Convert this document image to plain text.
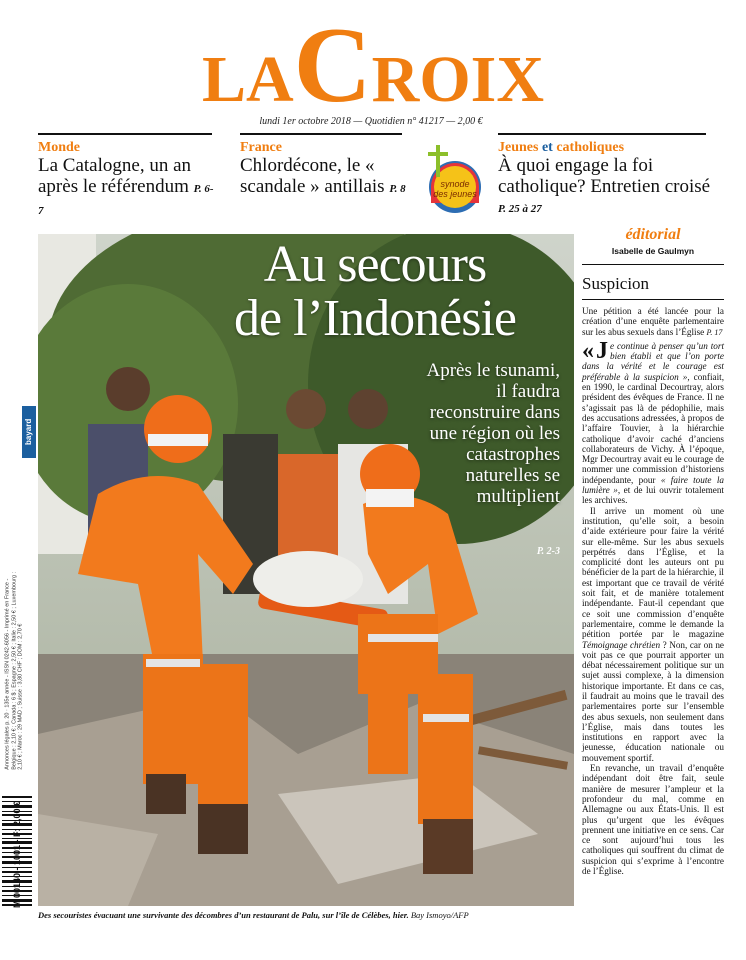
LACROIX
lundi 1er octobre 2018 — Quotidien n° 41217 — 2,00 €
Monde
La Catalogne, un an après le référendum P. 6-7
France
Chlordécone, le « scandale » antillais P. 8	synode
des jeunes
Jeunes et catholiques
À quoi engage la foi catholique? Entretien croisé P. 25 à 27
Au secours
de l’Indonésie
Après le tsunami, il faudra reconstruire dans une région où les catastrophes naturelles se multiplient
P. 2-3
Des secouristes évacuant une survivante des décombres d’un restaurant de Palu, sur l’île de Célèbes, hier. Bay Ismoyo/AFP
bayard
Annonces légales p. 20 · 135e année - ISSN 0242-6056 - Imprimé en France - Belgique : 2,10 € ; Canada : 6 $ ; Espagne : 2,50 € ; Italie : 2,50 € ; Luxembourg : 2,10 € ; Maroc : 29 MAD ; Suisse : 3,80 CHF ; DOM : 2,70 €
M 00140 - 1001 - F: 2,00 €
éditorial
Isabelle de Gaulmyn
Suspicion

Une pétition a été lancée pour la création d’une enquête parlementaire sur les abus sexuels dans l’Église P. 17

« J e continue à penser qu’un tort bien établi et que l’on porte dans la vérité et le courage est préférable à la suspicion », confiait, en 1990, le cardinal Decourtray, alors président des évêques de France. Il ne s’agissait pas là de pédophilie, mais des accusations adressées, à propos de l’affaire Touvier, à la hiérarchie catholique d’avoir caché d’anciens collaborateurs de Vichy. À l’époque, Mgr Decourtray avait eu le courage de nommer une commission d’historiens indépendante, pour « faire toute la lumière », et de lui ouvrir totalement les archives.

Il arrive un moment où une institution, qu’elle soit, a besoin d’aide extérieure pour faire la vérité sur elle-même. Sur les abus sexuels perpétrés dans l’Église, et la complicité dont les auteurs ont pu bénéficier de la part de la hiérarchie, il est important que ce travail de vérité soit fait, et de manière totalement indépendante. Faut-il cependant que ce soit une commission d’enquête parlementaire, comme le demande la pétition portée par le magazine Témoignage chrétien ? Non, car on ne voit pas ce que pourrait apporter un débat nécessairement politique sur un sujet aussi complexe, à la dimension historique importante. Et dans ce cas, il faudrait au moins que le travail des parlementaires porte sur l’ensemble des abus sexuels, non seulement dans l’Église, mais dans toutes les institutions en rapport avec la jeunesse, éducation nationale ou mouvement sportif.

En revanche, un travail d’enquête indépendant doit être fait, seule manière de mesurer l’ampleur et la profondeur du mal, comme en Allemagne ou aux États-Unis. Il est plus qu’urgent que les évêques prennent une initiative en ce sens. Car ce sont aujourd’hui tous les catholiques qui souffrent du climat de suspicion qui s’exprime à l’encontre de l’Église.
